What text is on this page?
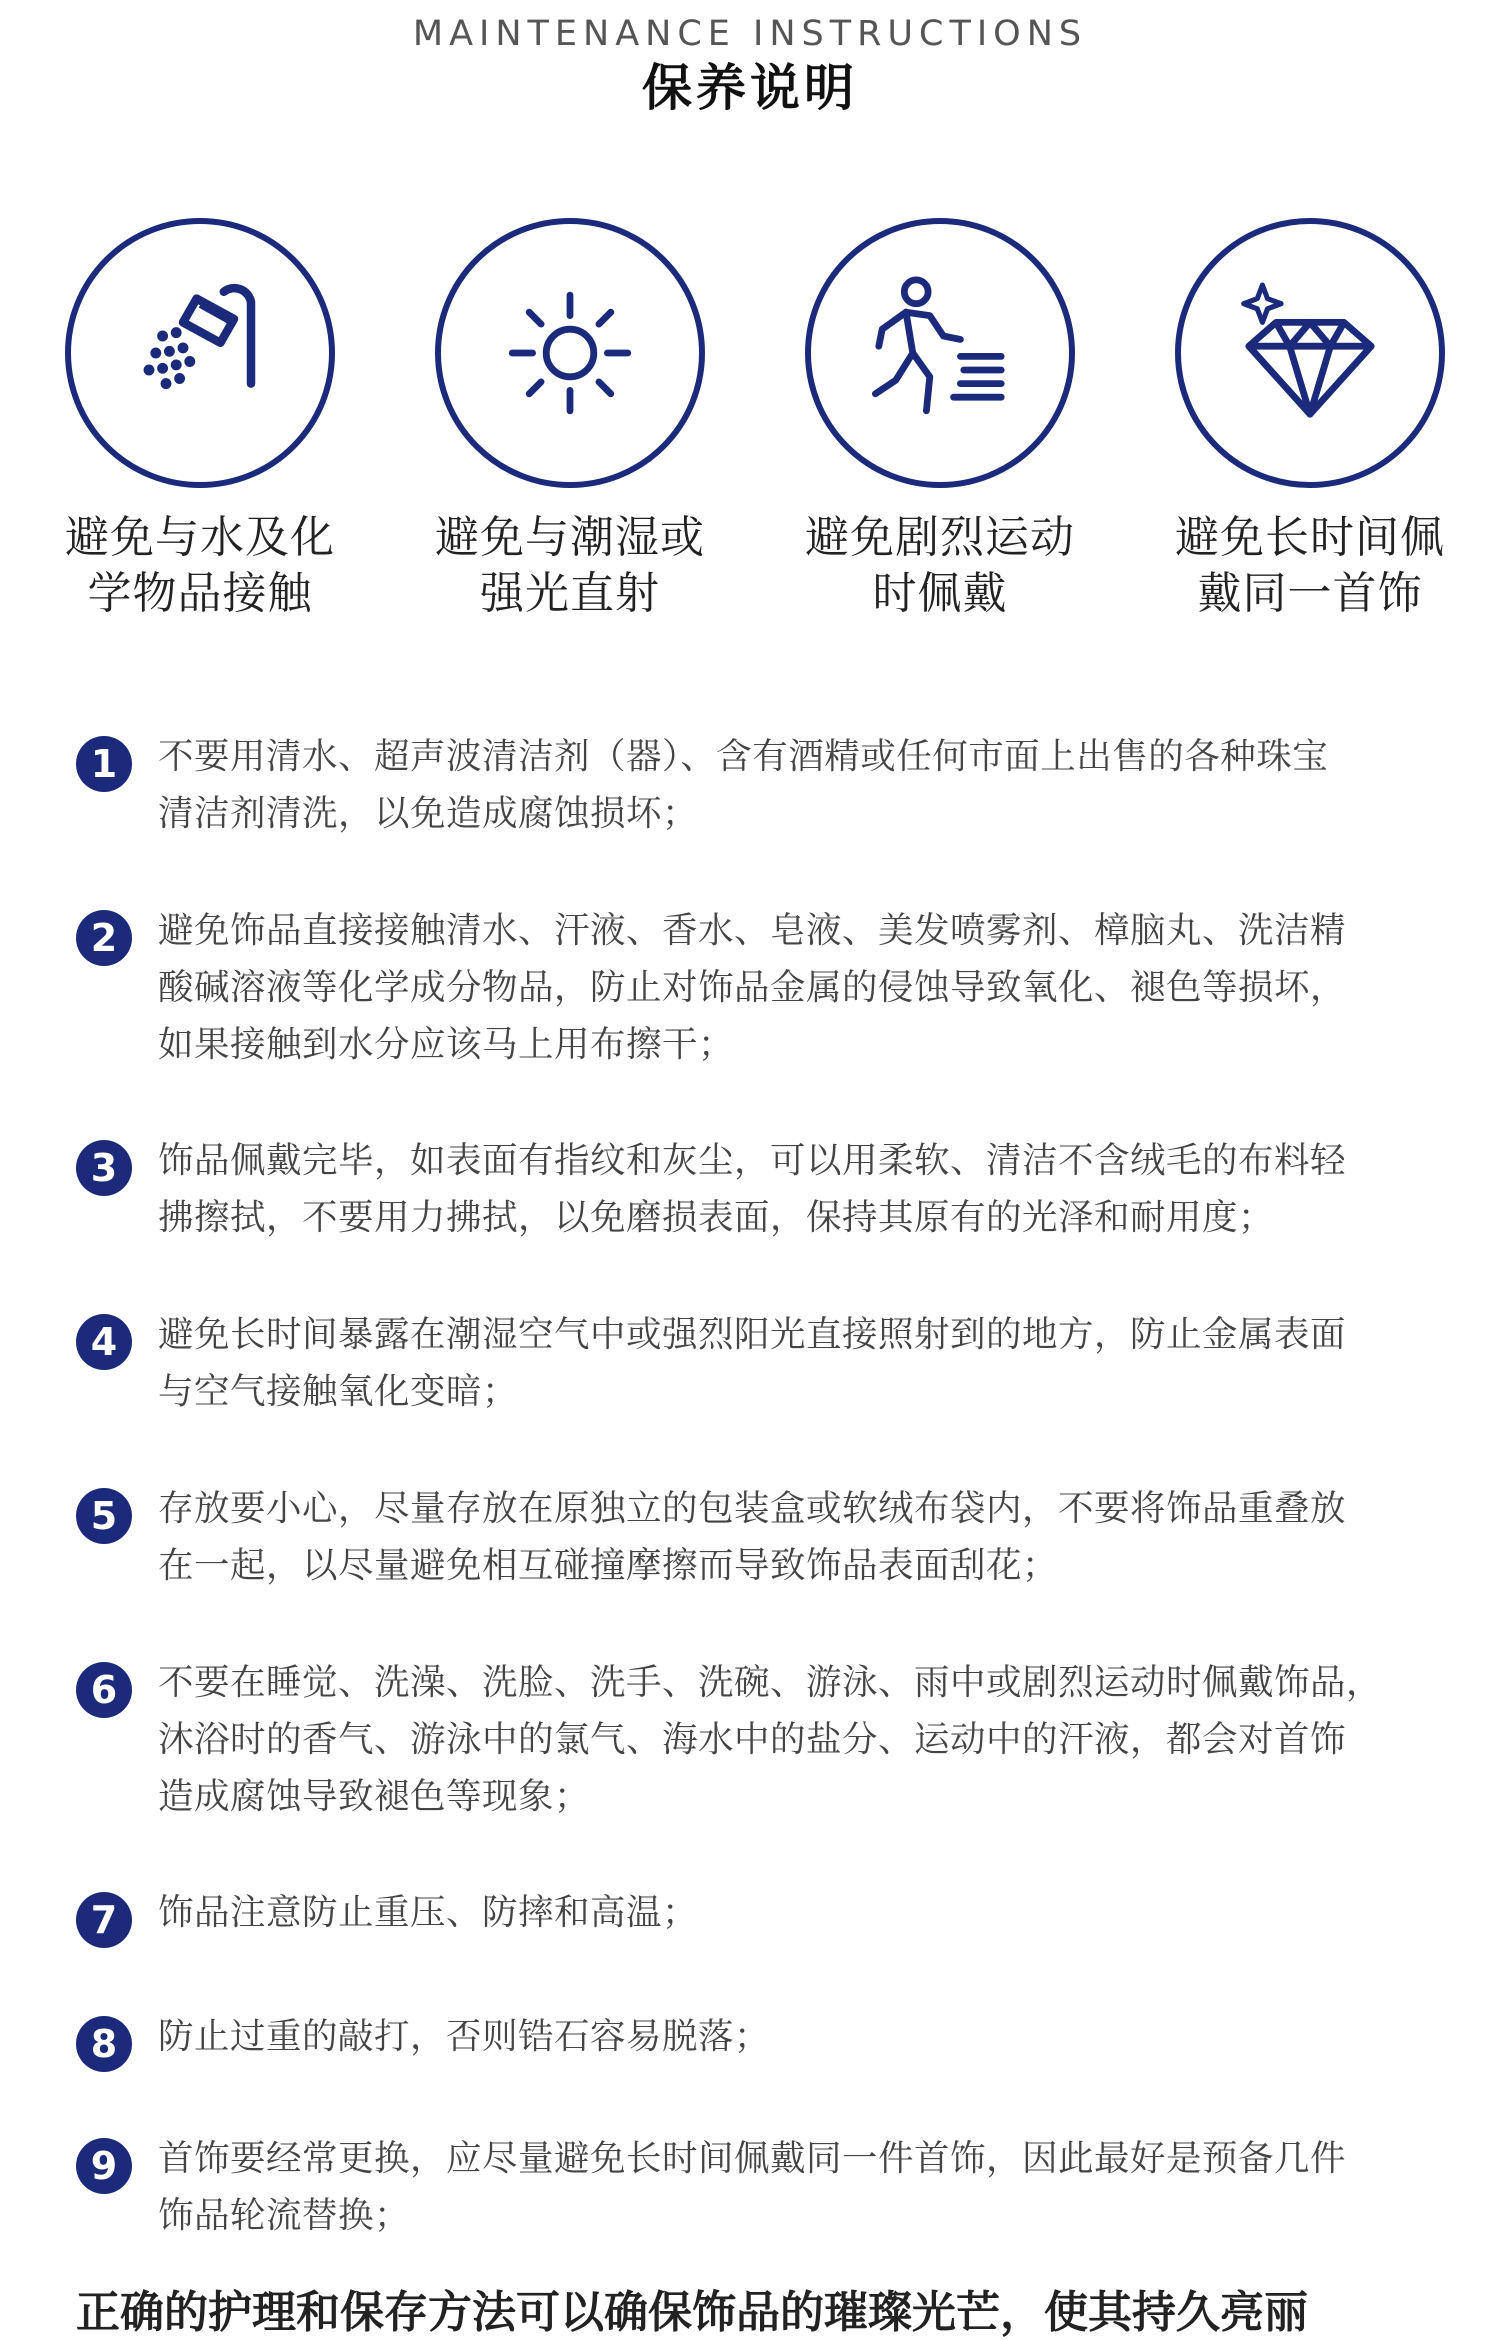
MAINTENANCE INSTRUCTIONS
保养说明
避免与水及化
学物品接触
避免与潮湿或
强光直射
避免剧烈运动
时佩戴
避免长时间佩
戴同一首饰
1	不要用清水、超声波清洁剂（器）、含有酒精或任何市面上出售的各种珠宝
清洁剂清洗，以免造成腐蚀损坏；
2	避免饰品直接接触清水、汗液、香水、皂液、美发喷雾剂、樟脑丸、洗洁精
酸碱溶液等化学成分物品，防止对饰品金属的侵蚀导致氧化、褪色等损坏，
如果接触到水分应该马上用布擦干；
3	饰品佩戴完毕，如表面有指纹和灰尘，可以用柔软、清洁不含绒毛的布料轻
拂擦拭，不要用力拂拭，以免磨损表面，保持其原有的光泽和耐用度；
4	避免长时间暴露在潮湿空气中或强烈阳光直接照射到的地方，防止金属表面
与空气接触氧化变暗；
5	存放要小心，尽量存放在原独立的包装盒或软绒布袋内，不要将饰品重叠放
在一起，以尽量避免相互碰撞摩擦而导致饰品表面刮花；
6	不要在睡觉、洗澡、洗脸、洗手、洗碗、游泳、雨中或剧烈运动时佩戴饰品，
沐浴时的香气、游泳中的氯气、海水中的盐分、运动中的汗液，都会对首饰
造成腐蚀导致褪色等现象；
7	饰品注意防止重压、防摔和高温；
8	防止过重的敲打，否则锆石容易脱落；
9	首饰要经常更换，应尽量避免长时间佩戴同一件首饰，因此最好是预备几件
饰品轮流替换；
正确的护理和保存方法可以确保饰品的璀璨光芒，使其持久亮丽
